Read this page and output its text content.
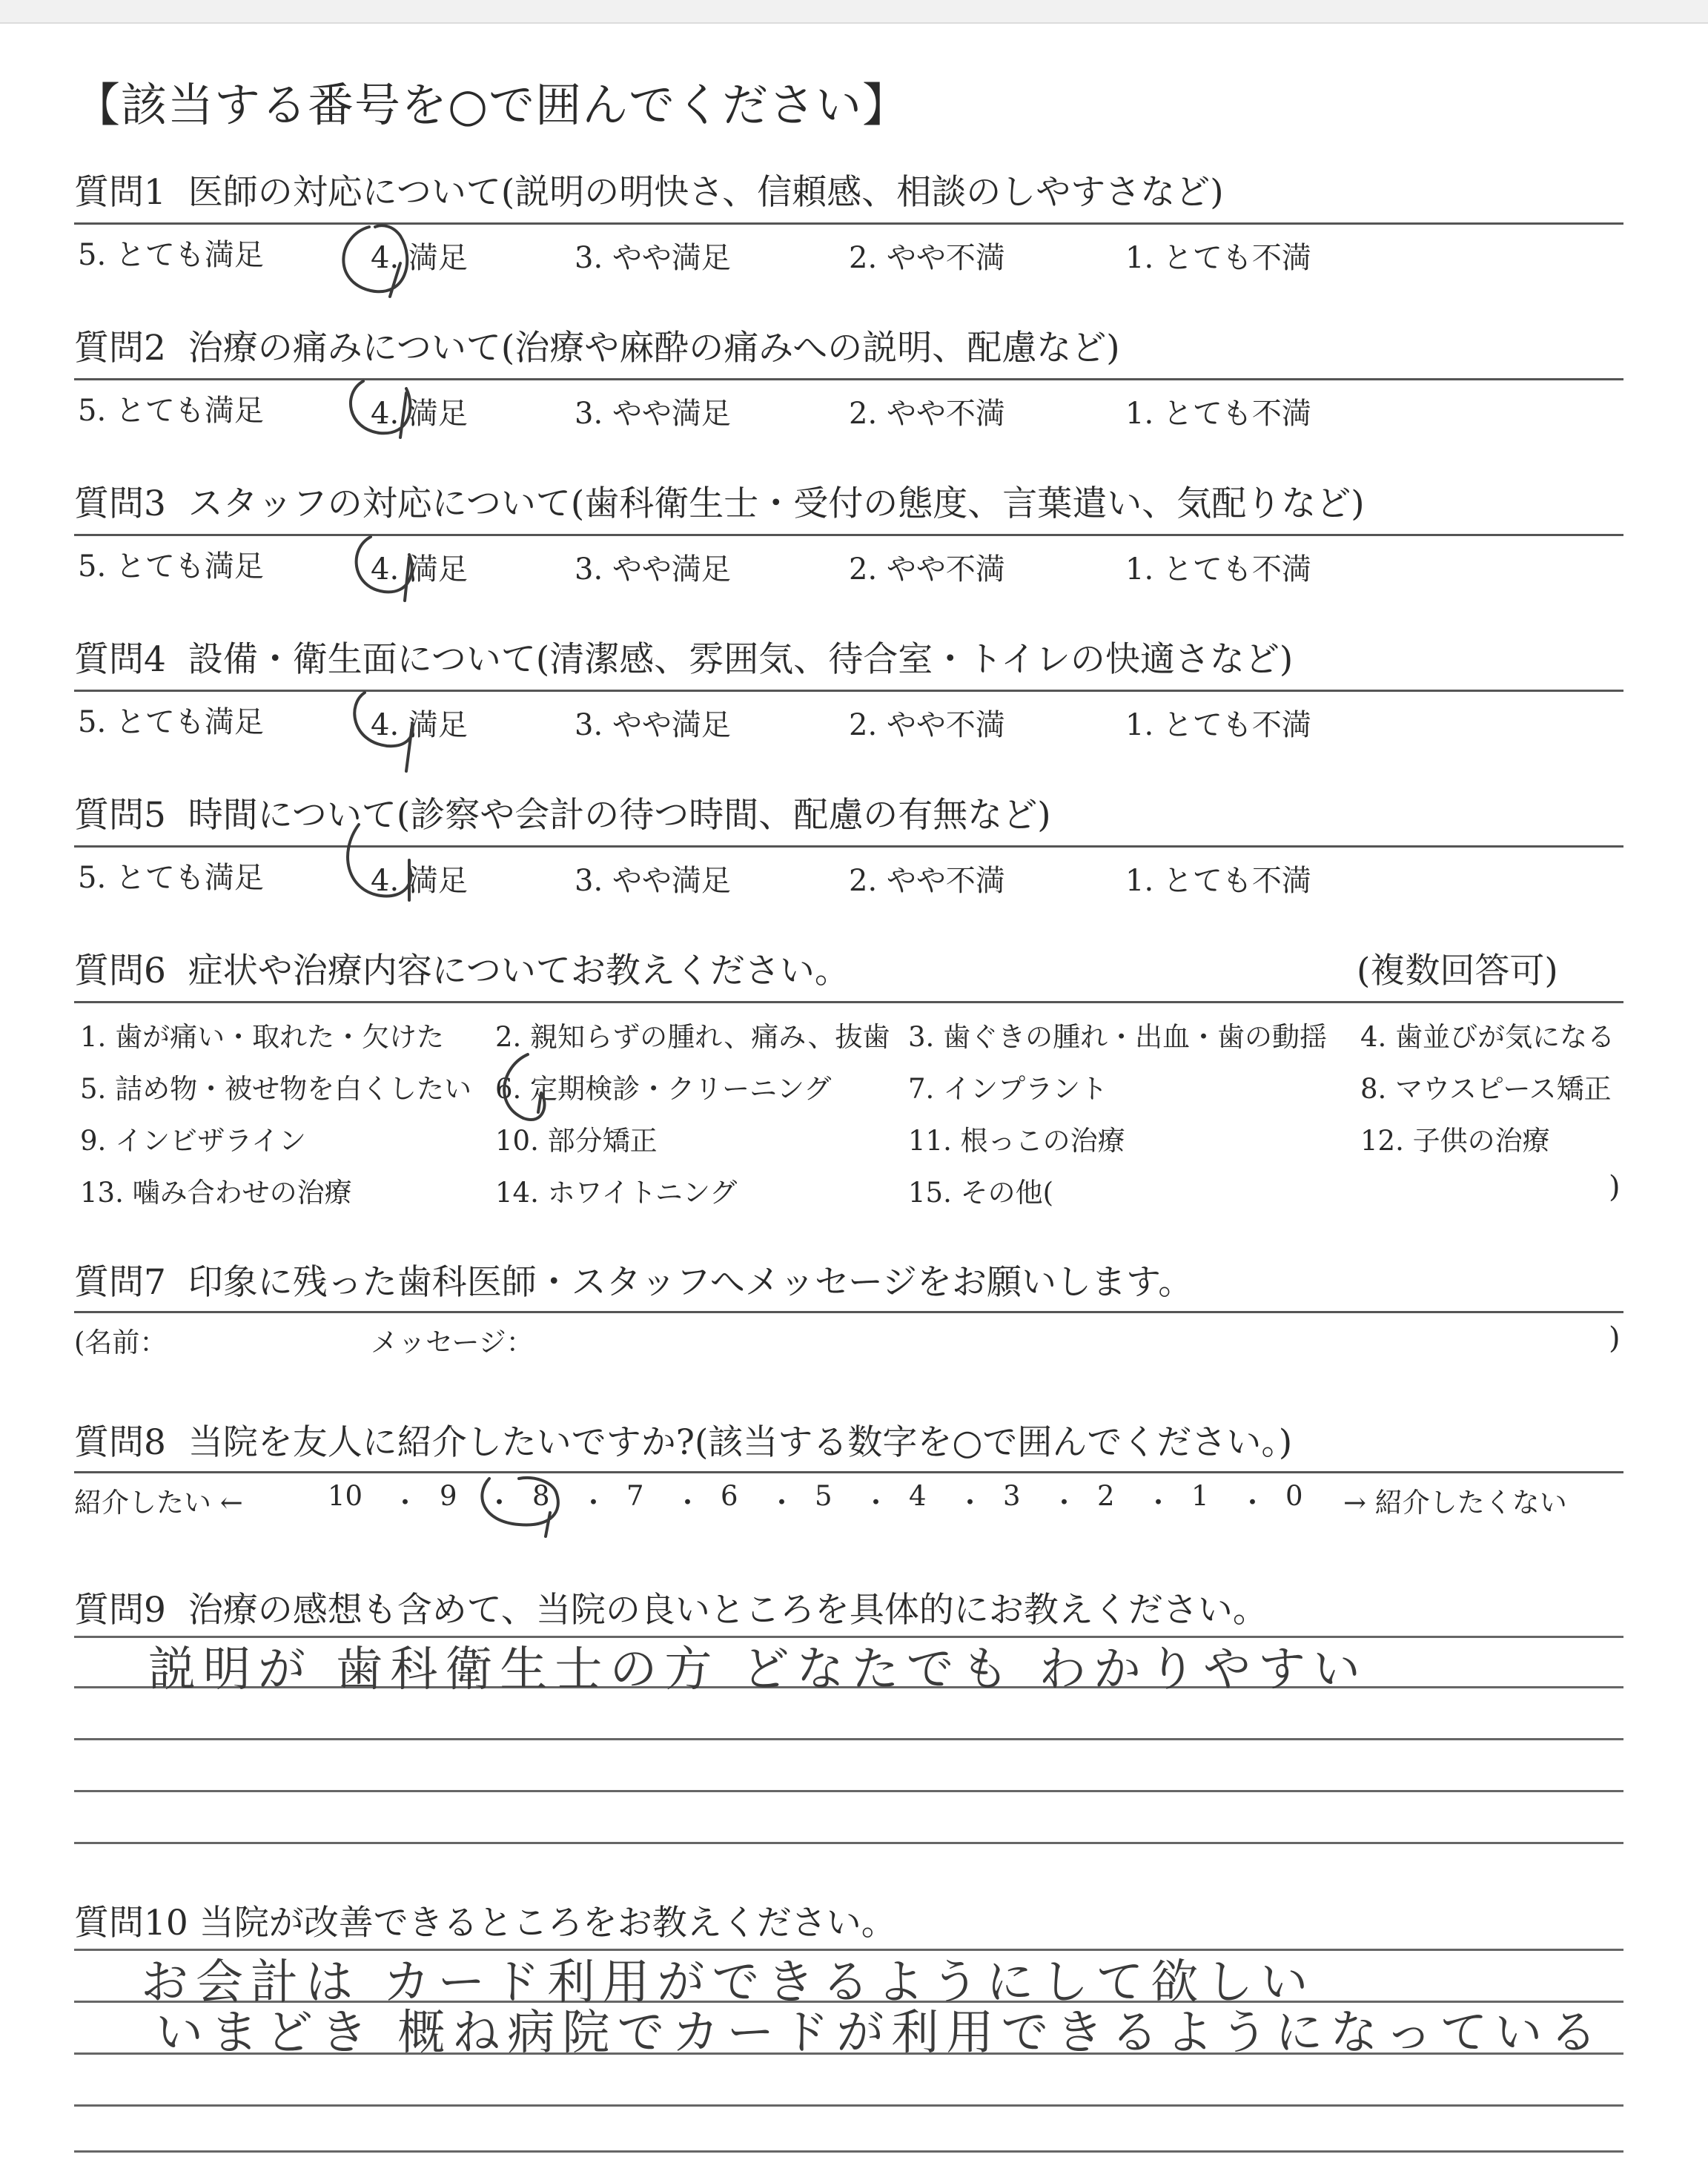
【該当する番号を○で囲んでください】
質問1 医師の対応について(説明の明快さ、信頼感、相談のしやすさなど)
5. とても満足	4. 満足	3. やや満足	2. やや不満	1. とても不満
質問2 治療の痛みについて(治療や麻酔の痛みへの説明、配慮など)
5. とても満足	4. 満足	3. やや満足	2. やや不満	1. とても不満
質問3 スタッフの対応について(歯科衛生士・受付の態度、言葉遣い、気配りなど)
5. とても満足	4. 満足	3. やや満足	2. やや不満	1. とても不満
質問4 設備・衛生面について(清潔感、雰囲気、待合室・トイレの快適さなど)
5. とても満足	4. 満足	3. やや満足	2. やや不満	1. とても不満
質問5 時間について(診察や会計の待つ時間、配慮の有無など)
5. とても満足	4. 満足	3. やや満足	2. やや不満	1. とても不満
質問6 症状や治療内容についてお教えください。	(複数回答可)
1. 歯が痛い・取れた・欠けた 2. 親知らずの腫れ、痛み、抜歯 3. 歯ぐきの腫れ・出血・歯の動揺 4. 歯並びが気になる
5. 詰め物・被せ物を白くしたい 6. 定期検診・クリーニング	7. インプラント	8. マウスピース矯正
9. インビザライン	10. 部分矯正	11. 根っこの治療	12. 子供の治療
13. 噛み合わせの治療	14. ホワイトニング	15. その他(	)
質問7 印象に残った歯科医師・スタッフへメッセージをお願いします。
(名前：	メッセージ：	)
質問8 当院を友人に紹介したいですか?(該当する数字を○で囲んでください。)
紹介したい ←	→ 紹介したくない
10	9	8	7	6	5	4	3	2	1	0
・ ・ ・ ・ ・ ・ ・ ・ ・ ・
質問9 治療の感想も含めて、当院の良いところを具体的にお教えください。
説明が 歯科衛生士の方 どなたでも わかりやすい
質問10 当院が改善できるところをお教えください。
お会計は カード利用ができるようにして欲しい
いまどき 概ね病院でカードが利用できるようになっている
